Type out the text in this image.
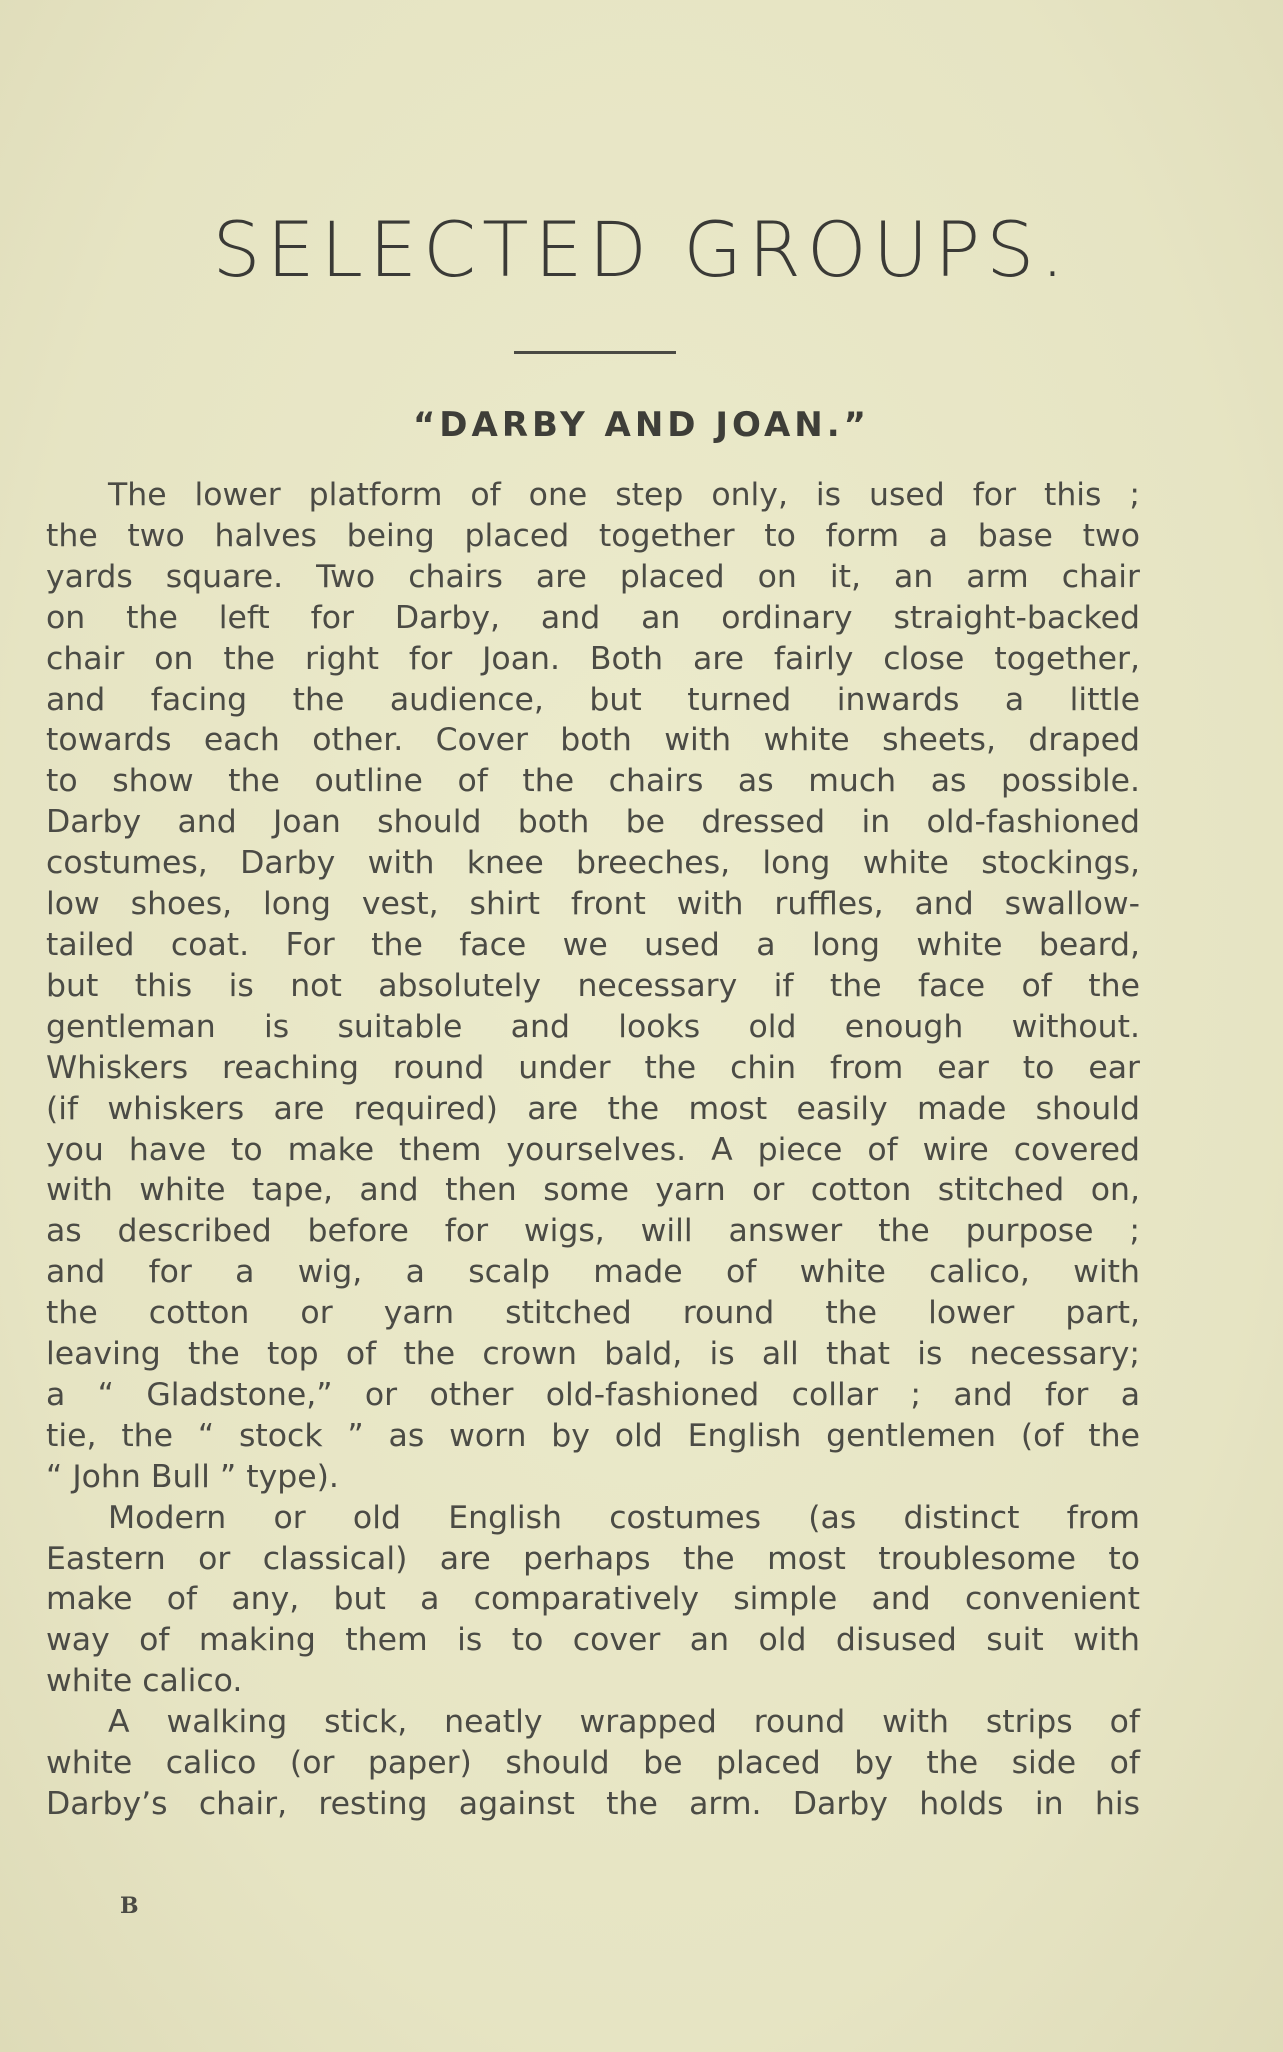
SELECTED GROUPS.
“DARBY AND JOAN.”
The lower platform of one step only, is used for this ;
the two halves being placed together to form a base two
yards square. Two chairs are placed on it, an arm chair
on the left for Darby, and an ordinary straight-backed
chair on the right for Joan. Both are fairly close together,
and facing the audience, but turned inwards a little
towards each other. Cover both with white sheets, draped
to show the outline of the chairs as much as possible.
Darby and Joan should both be dressed in old-fashioned
costumes, Darby with knee breeches, long white stockings,
low shoes, long vest, shirt front with ruffles, and swallow-
tailed coat. For the face we used a long white beard,
but this is not absolutely necessary if the face of the
gentleman is suitable and looks old enough without.
Whiskers reaching round under the chin from ear to ear
(if whiskers are required) are the most easily made should
you have to make them yourselves. A piece of wire covered
with white tape, and then some yarn or cotton stitched on,
as described before for wigs, will answer the purpose ;
and for a wig, a scalp made of white calico, with
the cotton or yarn stitched round the lower part,
leaving the top of the crown bald, is all that is necessary;
a “ Gladstone,” or other old-fashioned collar ; and for a
tie, the “ stock ” as worn by old English gentlemen (of the
“ John Bull ” type).
Modern or old English costumes (as distinct from
Eastern or classical) are perhaps the most troublesome to
make of any, but a comparatively simple and convenient
way of making them is to cover an old disused suit with
white calico.
A walking stick, neatly wrapped round with strips of
white calico (or paper) should be placed by the side of
Darby’s chair, resting against the arm. Darby holds in his
B
